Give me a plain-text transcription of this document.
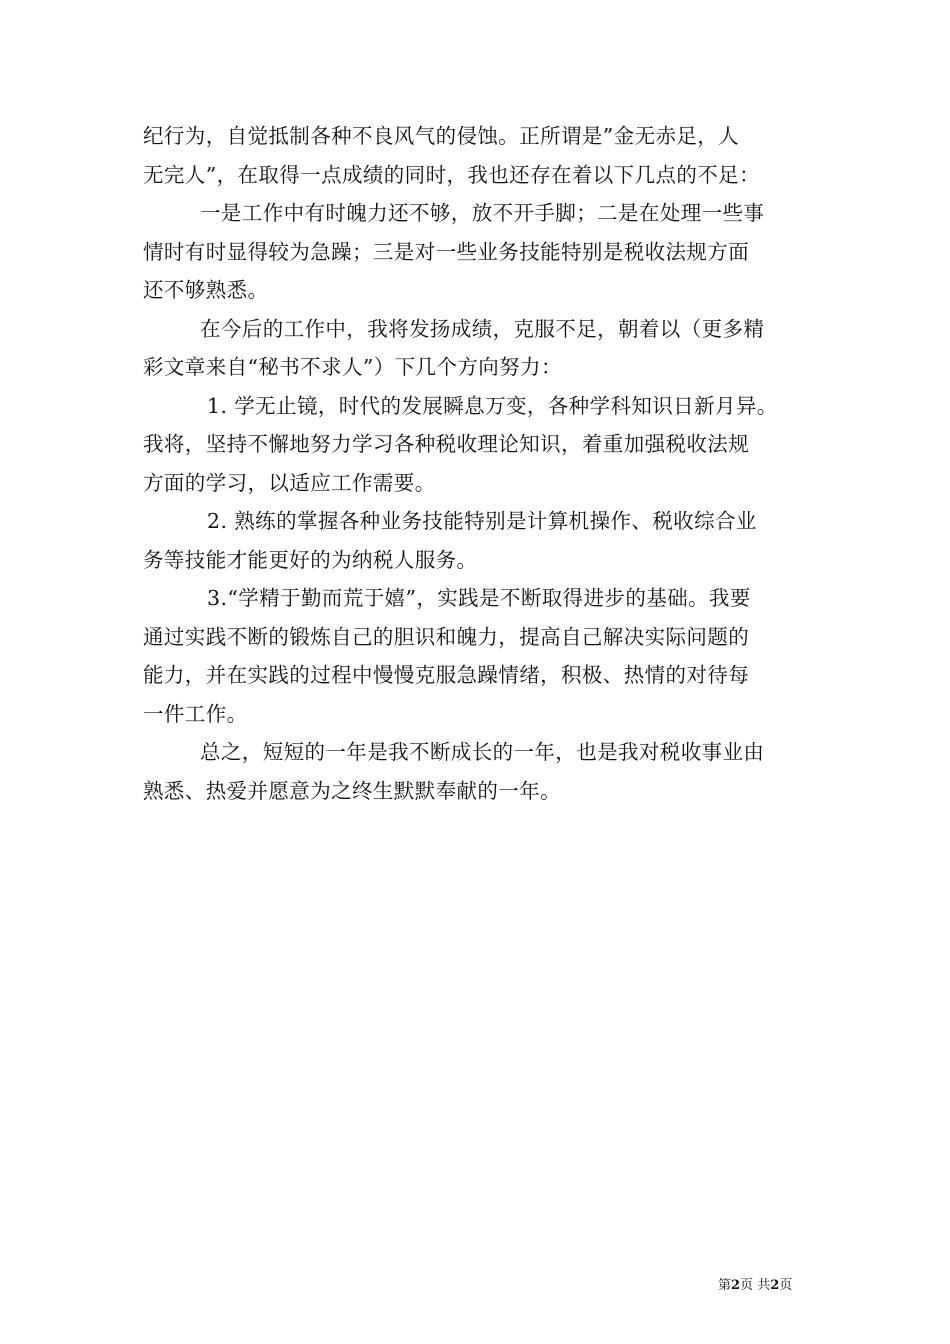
纪行为，自觉抵制各种不良风气的侵蚀。正所谓是”金无赤足，人
无完人”，在取得一点成绩的同时，我也还存在着以下几点的不足：
一是工作中有时魄力还不够，放不开手脚；二是在处理一些事
情时有时显得较为急躁；三是对一些业务技能特别是税收法规方面
还不够熟悉。
在今后的工作中，我将发扬成绩，克服不足，朝着以（更多精
彩文章来自“秘书不求人”）下几个方向努力：
1. 学无止镜，时代的发展瞬息万变，各种学科知识日新月异。
我将，坚持不懈地努力学习各种税收理论知识，着重加强税收法规
方面的学习，以适应工作需要。
2. 熟练的掌握各种业务技能特别是计算机操作、税收综合业
务等技能才能更好的为纳税人服务。
3.“学精于勤而荒于嬉”，实践是不断取得进步的基础。我要
通过实践不断的锻炼自己的胆识和魄力，提高自己解决实际问题的
能力，并在实践的过程中慢慢克服急躁情绪，积极、热情的对待每
一件工作。
总之，短短的一年是我不断成长的一年，也是我对税收事业由
熟悉、热爱并愿意为之终生默默奉献的一年。
第2页 共2页
